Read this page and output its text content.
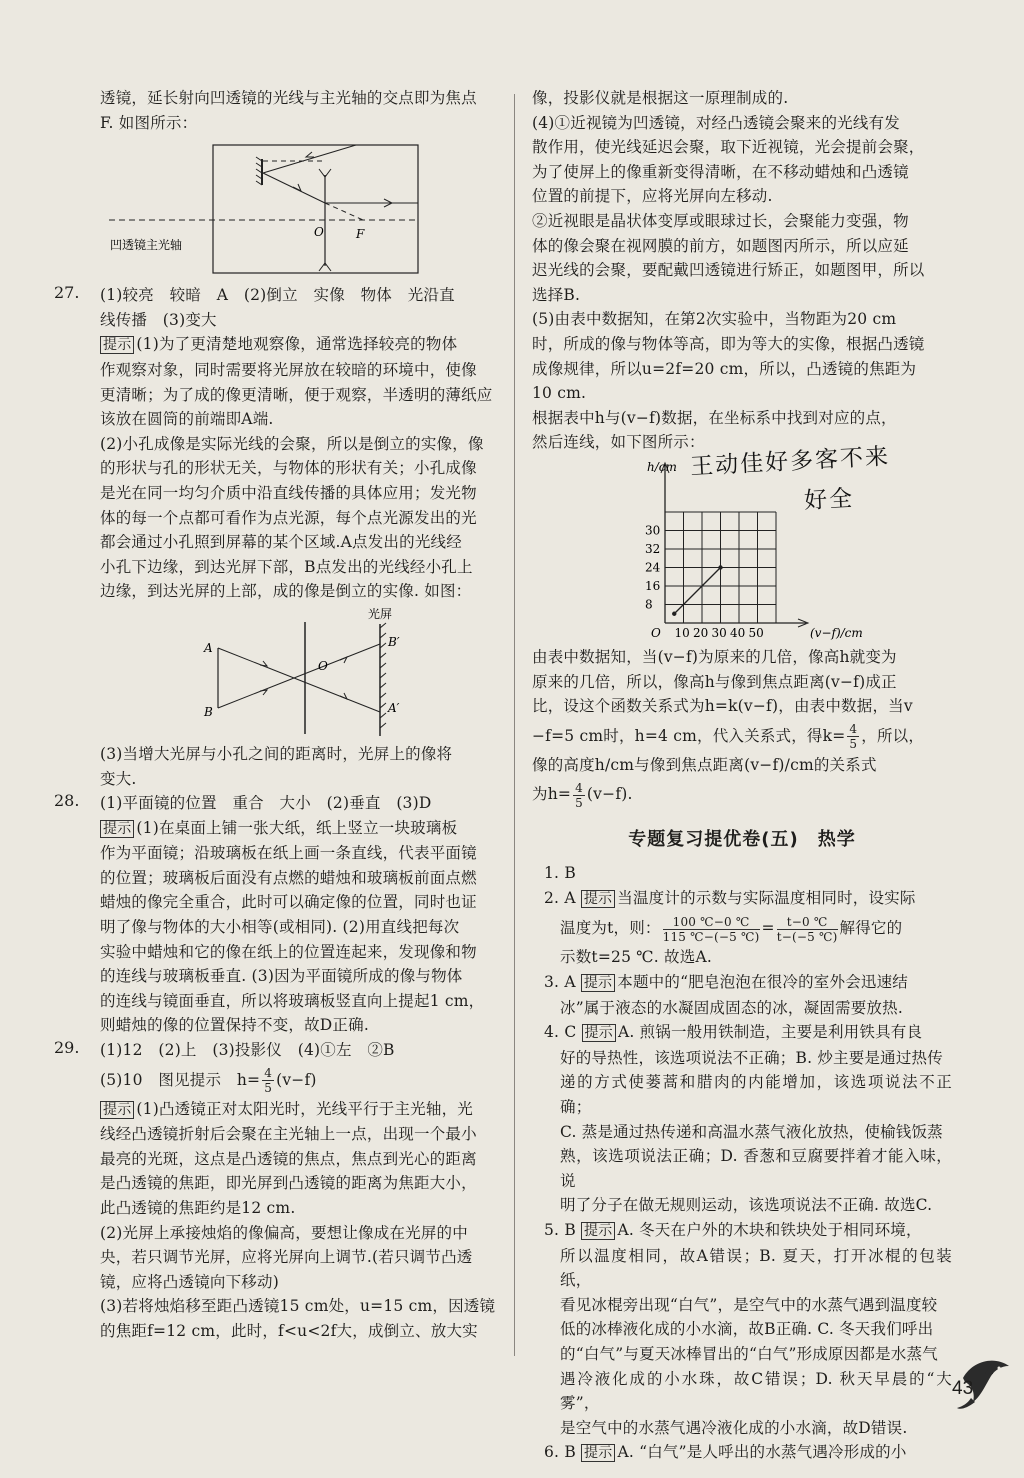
透镜，延长射向凹透镜的光线与主光轴的交点即为焦点

F. 如图所示：

凹透镜主光轴
O	F
27. (1)较亮　较暗　A　(2)倒立　实像　物体　光沿直

线传播　(3)变大

提示 (1)为了更清楚地观察像，通常选择较亮的物体

作观察对象，同时需要将光屏放在较暗的环境中，使像

更清晰；为了成的像更清晰，便于观察，半透明的薄纸应

该放在圆筒的前端即A端.

(2)小孔成像是实际光线的会聚，所以是倒立的实像，像

的形状与孔的形状无关，与物体的形状有关；小孔成像

是光在同一均匀介质中沿直线传播的具体应用；发光物

体的每一个点都可看作为点光源，每个点光源发出的光

都会通过小孔照到屏幕的某个区域.A点发出的光线经

小孔下边缘，到达光屏下部，B点发出的光线经小孔上

边缘，到达光屏的上部，成的像是倒立的实像. 如图：

光屏
A
B
O
B′
A′

(3)当增大光屏与小孔之间的距离时，光屏上的像将

变大.

28. (1)平面镜的位置　重合　大小　(2)垂直　(3)D

提示 (1)在桌面上铺一张大纸，纸上竖立一块玻璃板

作为平面镜；沿玻璃板在纸上画一条直线，代表平面镜

的位置；玻璃板后面没有点燃的蜡烛和玻璃板前面点燃

蜡烛的像完全重合，此时可以确定像的位置，同时也证

明了像与物体的大小相等(或相同). (2)用直线把每次

实验中蜡烛和它的像在纸上的位置连起来，发现像和物

的连线与玻璃板垂直. (3)因为平面镜所成的像与物体

的连线与镜面垂直，所以将玻璃板竖直向上提起1 cm，

则蜡烛的像的位置保持不变，故D正确.

29. (1)12　(2)上　(3)投影仪　(4)①左　②B

(5)10　图见提示　$h= \frac{4}{5} (v-f)$

提示 (1)凸透镜正对太阳光时，光线平行于主光轴，光

线经凸透镜折射后会聚在主光轴上一点，出现一个最小

最亮的光斑，这点是凸透镜的焦点，焦点到光心的距离

是凸透镜的焦距，即光屏到凸透镜的距离为焦距大小，

此凸透镜的焦距约是12 cm.

(2)光屏上承接烛焰的像偏高，要想让像成在光屏的中

央，若只调节光屏，应将光屏向上调节.(若只调节凸透

镜，应将凸透镜向下移动)

(3)若将烛焰移至距凸透镜15 cm处，u=15 cm，因透镜

的焦距f=12 cm，此时，f<u<2f大，成倒立、放大实

像，投影仪就是根据这一原理制成的.

(4)①近视镜为凹透镜，对经凸透镜会聚来的光线有发

散作用，使光线延迟会聚，取下近视镜，光会提前会聚，

为了使屏上的像重新变得清晰，在不移动蜡烛和凸透镜

位置的前提下，应将光屏向左移动.

②近视眼是晶状体变厚或眼球过长，会聚能力变强，物

体的像会聚在视网膜的前方，如题图丙所示，所以应延

迟光线的会聚，要配戴凹透镜进行矫正，如题图甲，所以

选择B.

(5)由表中数据知，在第2次实验中，当物距为20 cm

时，所成的像与物体等高，即为等大的实像，根据凸透镜

成像规律，所以u=2f=20 cm，所以，凸透镜的焦距为

10 cm.

根据表中h与(v−f)数据，在坐标系中找到对应的点，

然后连线，如下图所示：

王动佳好多客不来
好全
h/cm
(v−f)/cm
O 10 20 30 40 50
8
16
24
32
30

由表中数据知，当(v−f)为原来的几倍，像高h就变为

原来的几倍，所以，像高h与像到焦点距离(v−f)成正

比，设这个函数关系式为h=k(v−f)，由表中数据，当v

−f=5 cm时，h=4 cm，代入关系式，得$k= \frac{4}{5}$ ，所以，

像的高度h/cm与像到焦点距离(v−f)/cm的关系式

为$h= \frac{4}{5} (v-f)$.

专题复习提优卷(五)　热学

1. B

2. A 提示 当温度计的示数与实际温度相同时，设实际

温度为t，则： $\frac{100 ℃-0 ℃}{115 ℃-(-5 ℃)} = \frac{t-0 ℃}{t-(-5 ℃)}$ 解得它的

示数t=25 ℃. 故选A.

3. A 提示 本题中的“肥皂泡泡在很冷的室外会迅速结

冰”属于液态的水凝固成固态的冰，凝固需要放热.

4. C 提示 A. 煎锅一般用铁制造，主要是利用铁具有良

好的导热性，该选项说法不正确；B. 炒主要是通过热传

递的方式使蒌蒿和腊肉的内能增加，该选项说法不正确；

C. 蒸是通过热传递和高温水蒸气液化放热，使榆钱饭蒸

熟，该选项说法正确；D. 香葱和豆腐要拌着才能入味，说

明了分子在做无规则运动，该选项说法不正确. 故选C.

5. B 提示 A. 冬天在户外的木块和铁块处于相同环境，

所以温度相同，故A错误；B. 夏天，打开冰棍的包装纸，

看见冰棍旁出现“白气”，是空气中的水蒸气遇到温度较

低的冰棒液化成的小水滴，故B正确. C. 冬天我们呼出

的“白气”与夏天冰棒冒出的“白气”形成原因都是水蒸气

遇冷液化成的小水珠，故C错误；D. 秋天早晨的“大雾”，

是空气中的水蒸气遇冷液化成的小水滴，故D错误.

6. B 提示 A. “白气”是人呼出的水蒸气遇冷形成的小

43
